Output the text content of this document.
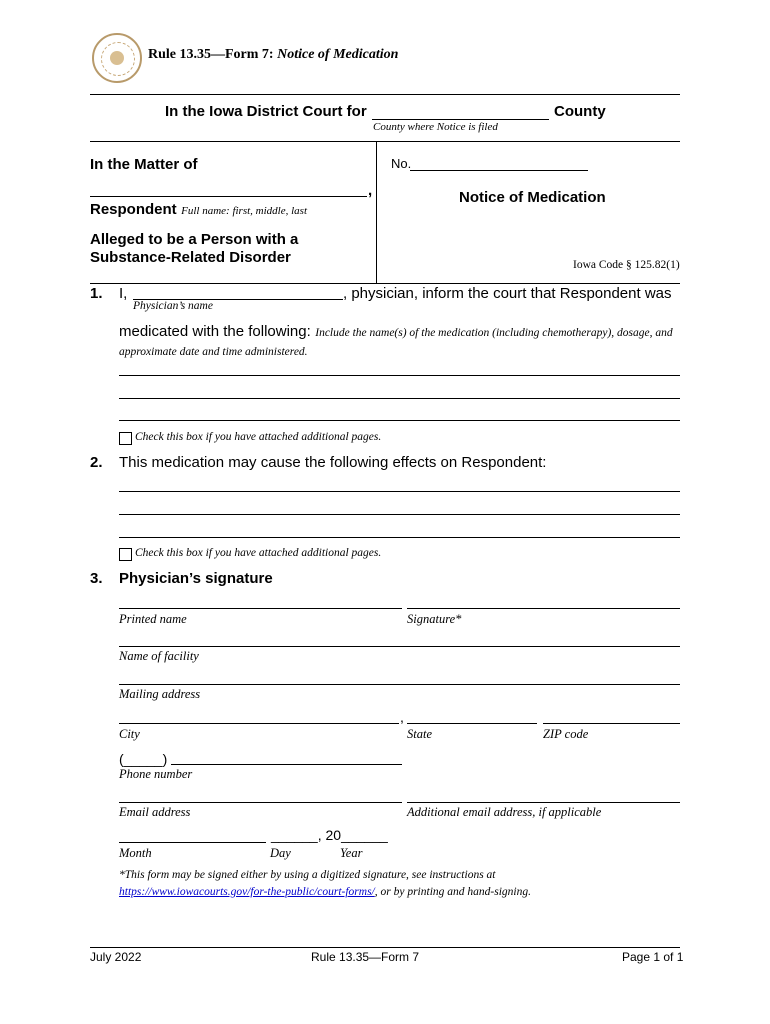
Rule 13.35—Form 7: Notice of Medication
In the Iowa District Court for	County
County where Notice is filed
In the Matter of
,
Respondent Full name: first, middle, last
Alleged to be a Person with a Substance-Related Disorder
No.
Notice of Medication
Iowa Code § 125.82(1)
1. I,	, physician, inform the court that Respondent was
Physician’s name
medicated with the following: Include the name(s) of the medication (including chemotherapy), dosage, and approximate date and time administered.
Check this box if you have attached additional pages.
2. This medication may cause the following effects on Respondent:
Check this box if you have attached additional pages.
3. Physician’s signature
Printed name	Signature*
Name of facility
Mailing address
,
City	State	ZIP code
(_____)
Phone number
Email address	Additional email address, if applicable
______, 20______
Month	Day	Year
*This form may be signed either by using a digitized signature, see instructions at
https://www.iowacourts.gov/for-the-public/court-forms/, or by printing and hand-signing.
July 2022	Rule 13.35—Form 7	Page 1 of 1
